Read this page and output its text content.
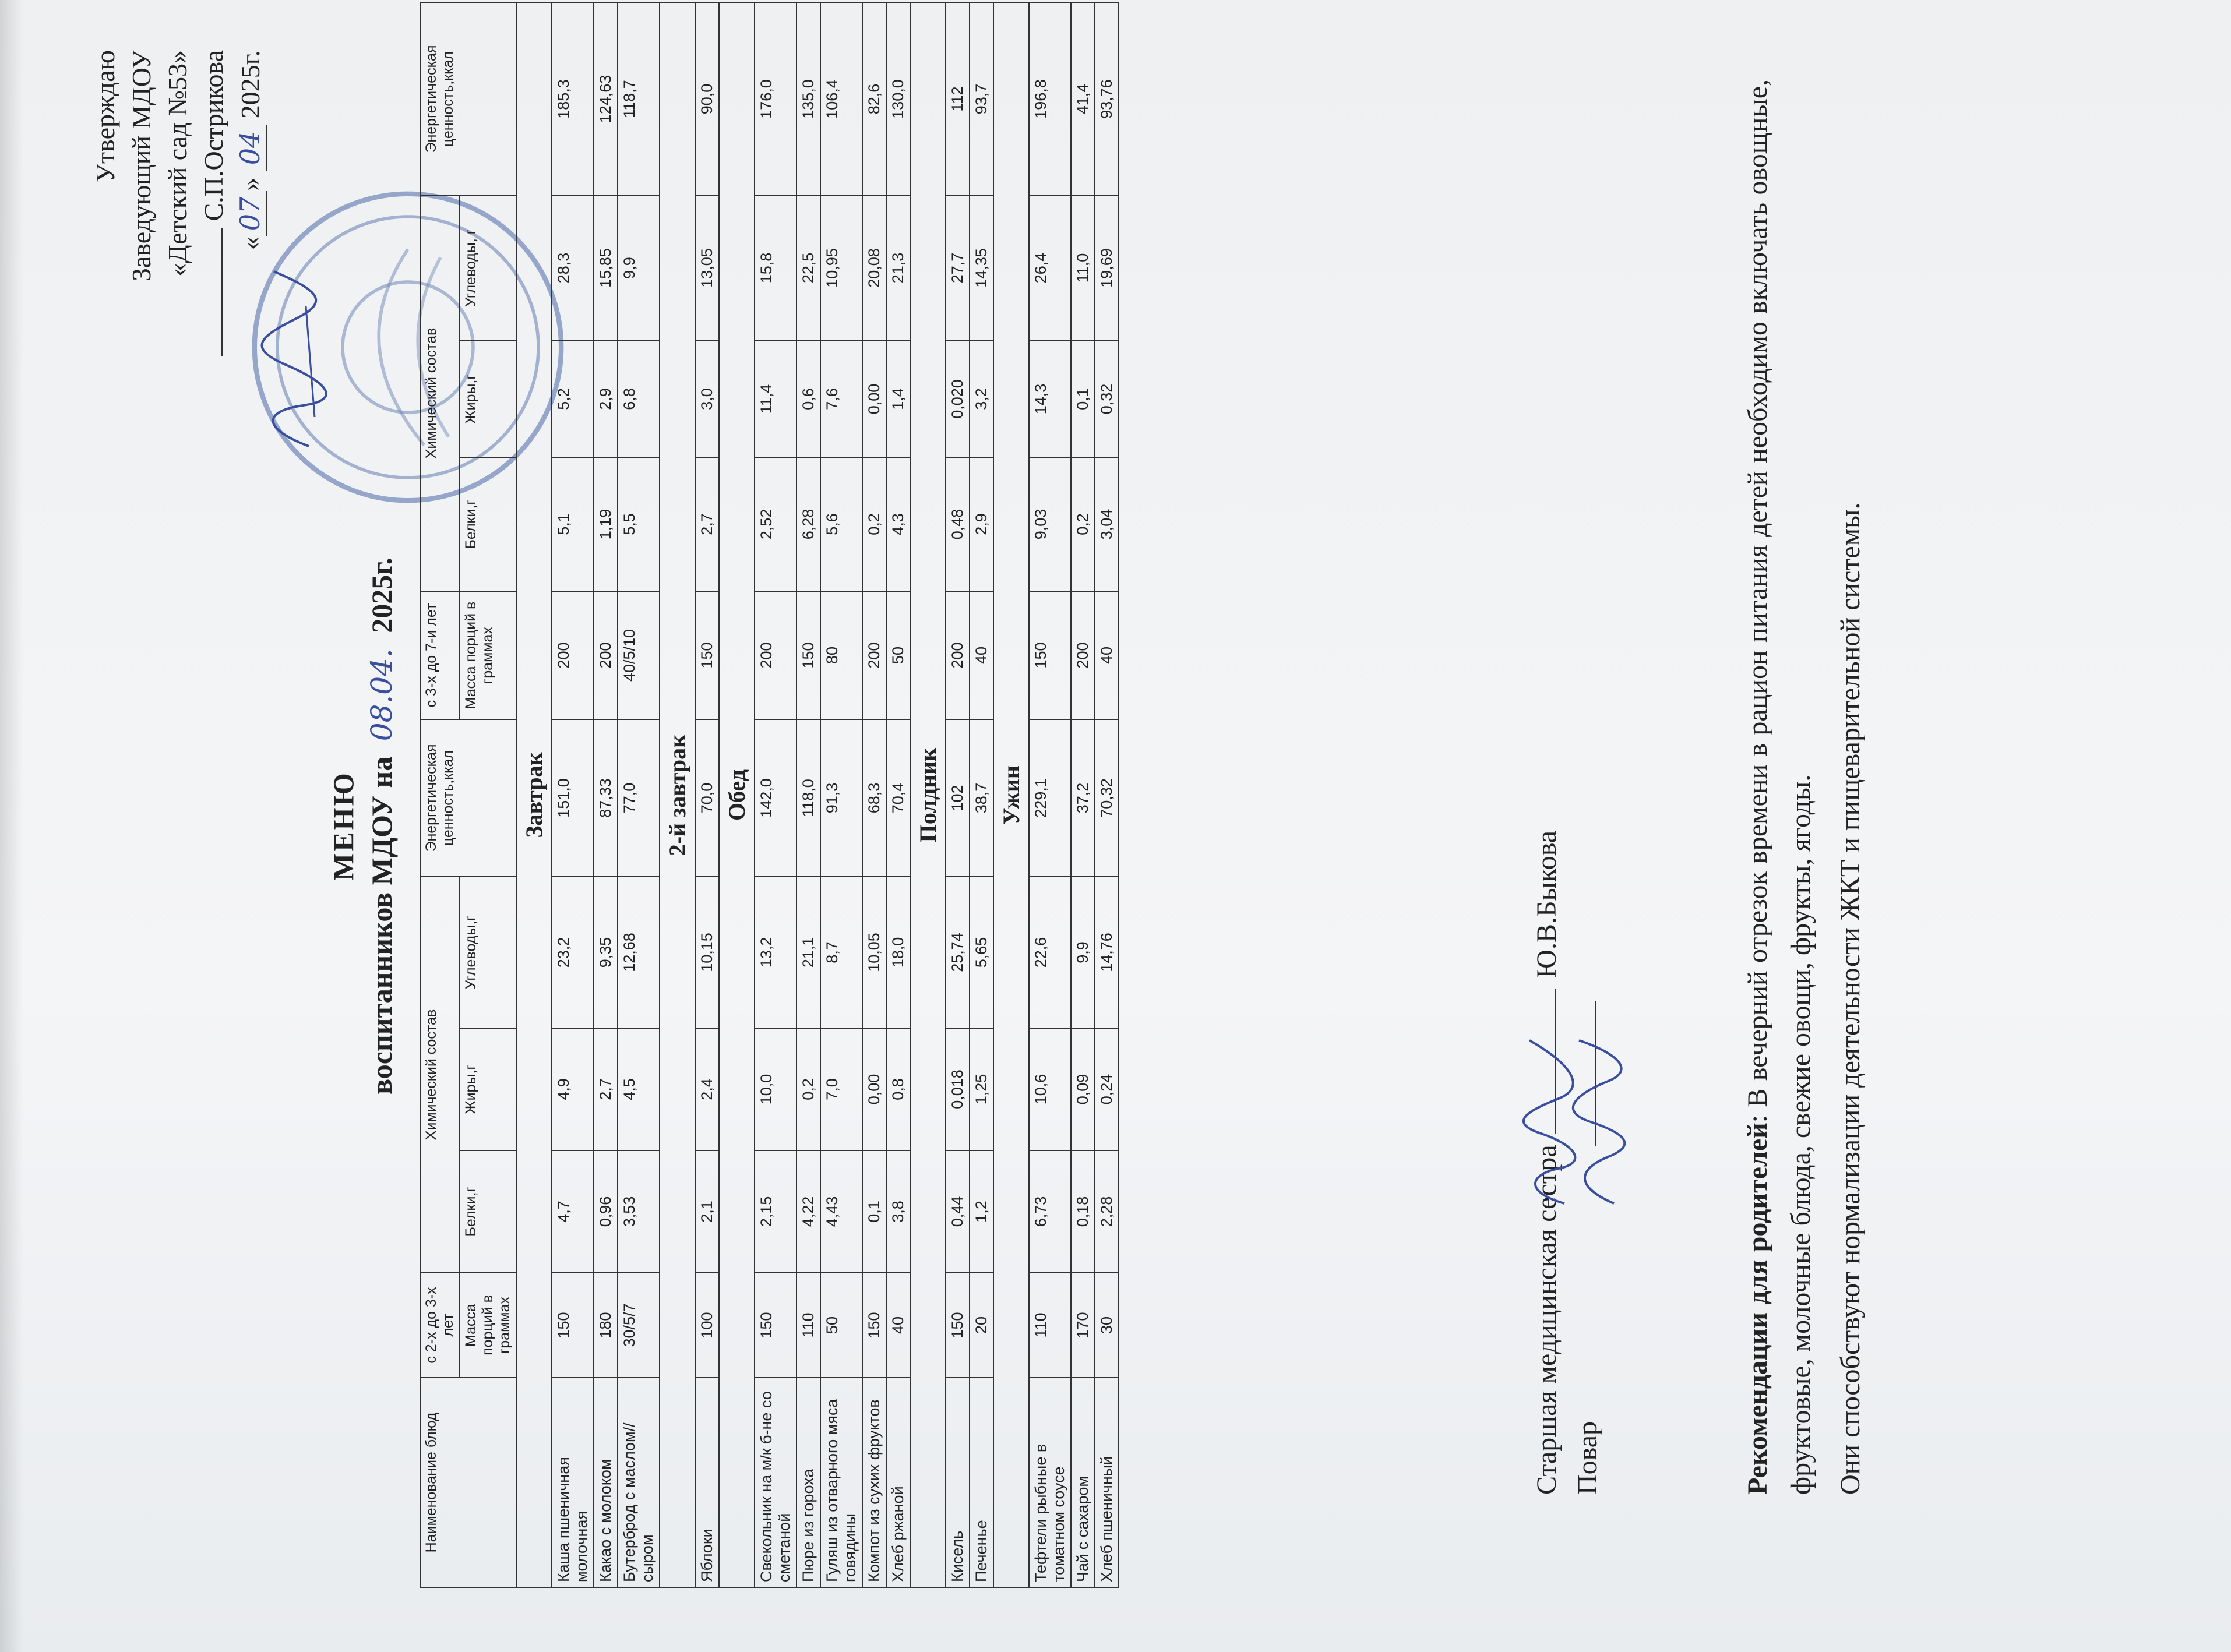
Утверждаю Заведующий МДОУ «Детский сад №53» С.П.Острикова
«07» 04 2025г.
МЕНЮ воспитанников МДОУ на 08.04. 2025г.
Наименование блюд	с 2-х до 3-х лет	Химический состав			Энергетическая ценность,ккал	с 3-х до 7-и лет	Химический состав			Энергетическая ценность,ккал
	Масса порций в граммах	Белки,г	Жиры,г	Углеводы,г		Масса порций в граммах	Белки,г	Жиры,г	Углеводы, г	
Завтрак										
Каша пшеничная молочная	150	4,7	4,9	23,2	151,0	200	5,1	5,2	28,3	185,3
Какао с молоком	180	0,96	2,7	9,35	87,33	200	1,19	2,9	15,85	124,63
Бутерброд с маслом//сыром	30/5/7	3,53	4,5	12,68	77,0	40/5/10	5,5	6,8	9,9	118,7
2-й завтрак										
Яблоки	100	2,1	2,4	10,15	70,0	150	2,7	3,0	13,05	90,0
Обед										
Свекольник на м/к б-не со сметаной	150	2,15	10,0	13,2	142,0	200	2,52	11,4	15,8	176,0
Пюре из гороха	110	4,22	0,2	21,1	118,0	150	6,28	0,6	22,5	135,0
Гуляш из отварного мяса говядины	50	4,43	7,0	8,7	91,3	80	5,6	7,6	10,95	106,4
Компот из сухих фруктов	150	0,1	0,00	10,05	68,3	200	0,2	0,00	20,08	82,6
Хлеб ржаной	40	3,8	0,8	18,0	70,4	50	4,3	1,4	21,3	130,0
Полдник										
Кисель	150	0,44	0,018	25,74	102	200	0,48	0,020	27,7	112
Печенье	20	1,2	1,25	5,65	38,7	40	2,9	3,2	14,35	93,7
Ужин										
Тефтели рыбные в томатном соусе	110	6,73	10,6	22,6	229,1	150	9,03	14,3	26,4	196,8
Чай с сахаром	170	0,18	0,09	9,9	37,2	200	0,2	0,1	11,0	41,4
Хлеб пшеничный	30	2,28	0,24	14,76	70,32	40	3,04	0,32	19,69	93,76
Старшая медицинская сестра  Ю.В.Быкова
Повар	Рекомендации для родителей: В вечерний отрезок времени в рацион питания детей необходимо включать овощные, фруктовые, молочные блюда, свежие овощи, фрукты, ягоды. Они способствуют нормализации деятельности ЖКТ и пищеварительной системы.
